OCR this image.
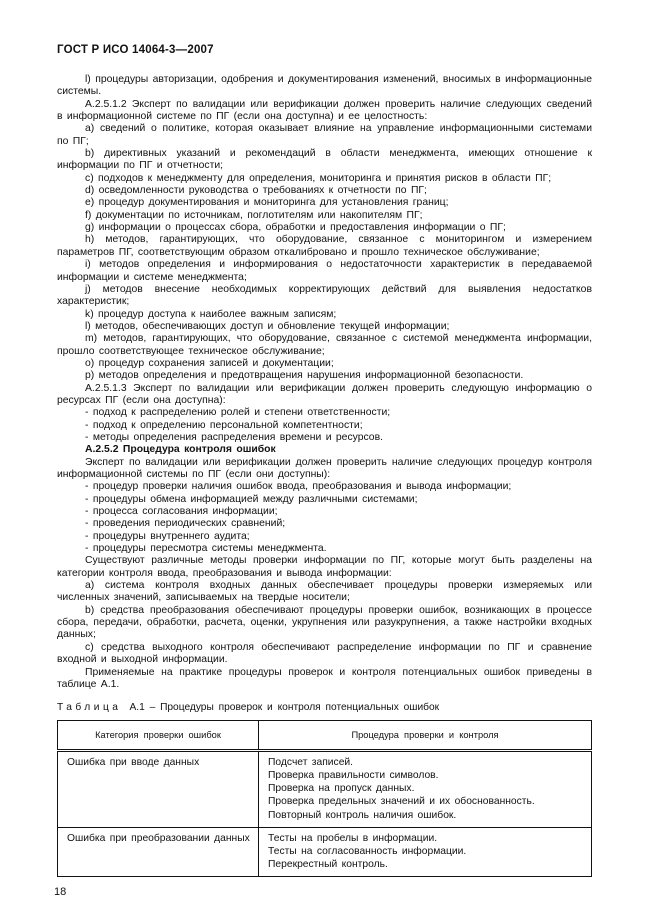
ГОСТ Р ИСО 14064-3—2007

l) процедуры авторизации, одобрения и документирования изменений, вносимых в информационные системы.

А.2.5.1.2 Эксперт по валидации или верификации должен проверить наличие следующих сведений в информационной системе по ПГ (если она доступна) и ее целостность:

a) сведений о политике, которая оказывает влияние на управление информационными системами по ПГ;

b) директивных указаний и рекомендаций в области менеджмента, имеющих отношение к информации по ПГ и отчетности;

c) подходов к менеджменту для определения, мониторинга и принятия рисков в области ПГ;

d) осведомленности руководства о требованиях к отчетности по ПГ;

e) процедур документирования и мониторинга для установления границ;

f) документации по источникам, поглотителям или накопителям ПГ;

g) информации о процессах сбора, обработки и предоставления информации о ПГ;

h) методов, гарантирующих, что оборудование, связанное с мониторингом и измерением параметров ПГ, соответствующим образом откалибровано и прошло техническое обслуживание;

i) методов определения и информирования о недостаточности характеристик в передаваемой информации и системе менеджмента;

j) методов внесение необходимых корректирующих действий для выявления недостатков характеристик;

k) процедур доступа к наиболее важным записям;

l) методов, обеспечивающих доступ и обновление текущей информации;

m) методов, гарантирующих, что оборудование, связанное с системой менеджмента информации, прошло соответствующее техническое обслуживание;

o) процедур сохранения записей и документации;

p) методов определения и предотвращения нарушения информационной безопасности.

А.2.5.1.3 Эксперт по валидации или верификации должен проверить следующую информацию о ресурсах ПГ (если она доступна):

- подход к распределению ролей и степени ответственности;

- подход к определению персональной компетентности;

- методы определения распределения времени и ресурсов.

А.2.5.2 Процедура контроля ошибок

Эксперт по валидации или верификации должен проверить наличие следующих процедур контроля информационной системы по ПГ (если они доступны):

- процедур проверки наличия ошибок ввода, преобразования и вывода информации;

- процедуры обмена информацией между различными системами;

- процесса согласования информации;

- проведения периодических сравнений;

- процедуры внутреннего аудита;

- процедуры пересмотра системы менеджмента.

Существуют различные методы проверки информации по ПГ, которые могут быть разделены на категории контроля ввода, преобразования и вывода информации:

a) система контроля входных данных обеспечивает процедуры проверки измеряемых или численных значений, записываемых на твердые носители;

b) средства преобразования обеспечивают процедуры проверки ошибок, возникающих в процессе сбора, передачи, обработки, расчета, оценки, укрупнения или разукрупнения, а также настройки входных данных;

c) средства выходного контроля обеспечивают распределение информации по ПГ и сравнение входной и выходной информации.

Применяемые на практике процедуры проверок и контроля потенциальных ошибок приведены в таблице А.1.

Таблица А.1 – Процедуры проверок и контроля потенциальных ошибок
Категория проверки ошибок	Процедура проверки и контроля
Ошибка при вводе данных	Подсчет записей.
Проверка правильности символов.
Проверка на пропуск данных.
Проверка предельных значений и их обоснованность.
Повторный контроль наличия ошибок.

Ошибка при преобразовании данных	Тесты на пробелы в информации.
Тесты на согласованность информации.
Перекрестный контроль.
18
